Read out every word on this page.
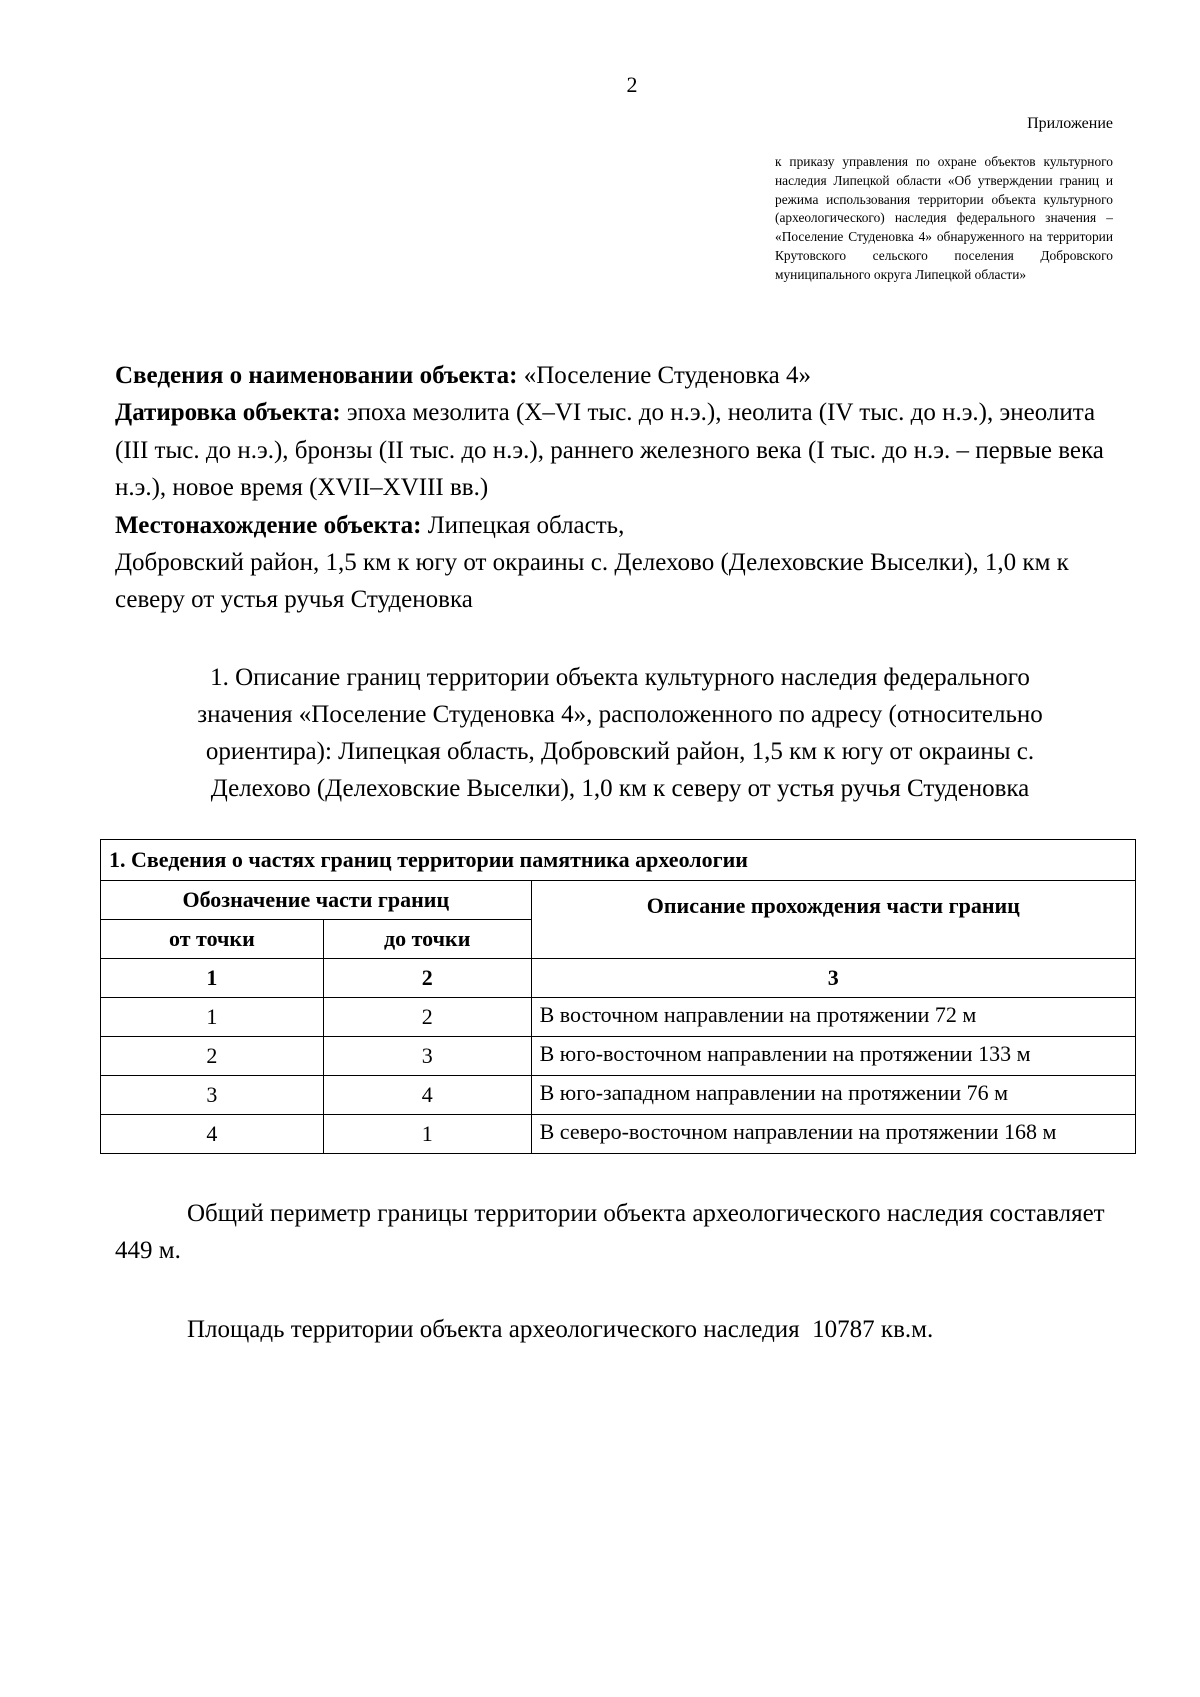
2
Приложение
к приказу управления по охране объектов культурного наследия Липецкой области «Об утверждении границ и режима использования территории объекта культурного (археологического) наследия федерального значения – «Поселение Студеновка 4» обнаруженного на территории Крутовского сельского поселения Добровского муниципального округа Липецкой области»

Сведения о наименовании объекта: «Поселение Студеновка 4»

Датировка объекта: эпоха мезолита (X–VI тыс. до н.э.), неолита (IV тыс. до н.э.), энеолита (III тыс. до н.э.), бронзы (II тыс. до н.э.), раннего железного века (I тыс. до н.э. – первые века н.э.), новое время (XVII–XVIII вв.)

Местонахождение объекта: Липецкая область,

Добровский район, 1,5 км к югу от окраины с. Делехово (Делеховские Выселки), 1,0 км к северу от устья ручья Студеновка

1. Описание границ территории объекта культурного наследия федерального
значения «Поселение Студеновка 4», расположенного по адресу (относительно
ориентира): Липецкая область, Добровский район, 1,5 км к югу от окраины с.
Делехово (Делеховские Выселки), 1,0 км к северу от устья ручья Студеновка
1. Сведения о частях границ территории памятника археологии		
Обозначение части границ		Описание прохождения части границ
от точки	до точки	
1	2	3
1	2	В восточном направлении на протяжении 72 м
2	3	В юго-восточном направлении на протяжении 133 м
3	4	В юго-западном направлении на протяжении 76 м
4	1	В северо-восточном направлении на протяжении 168 м

Общий периметр границы территории объекта археологического наследия составляет 449 м.

Площадь территории объекта археологического наследия  10787 кв.м.
